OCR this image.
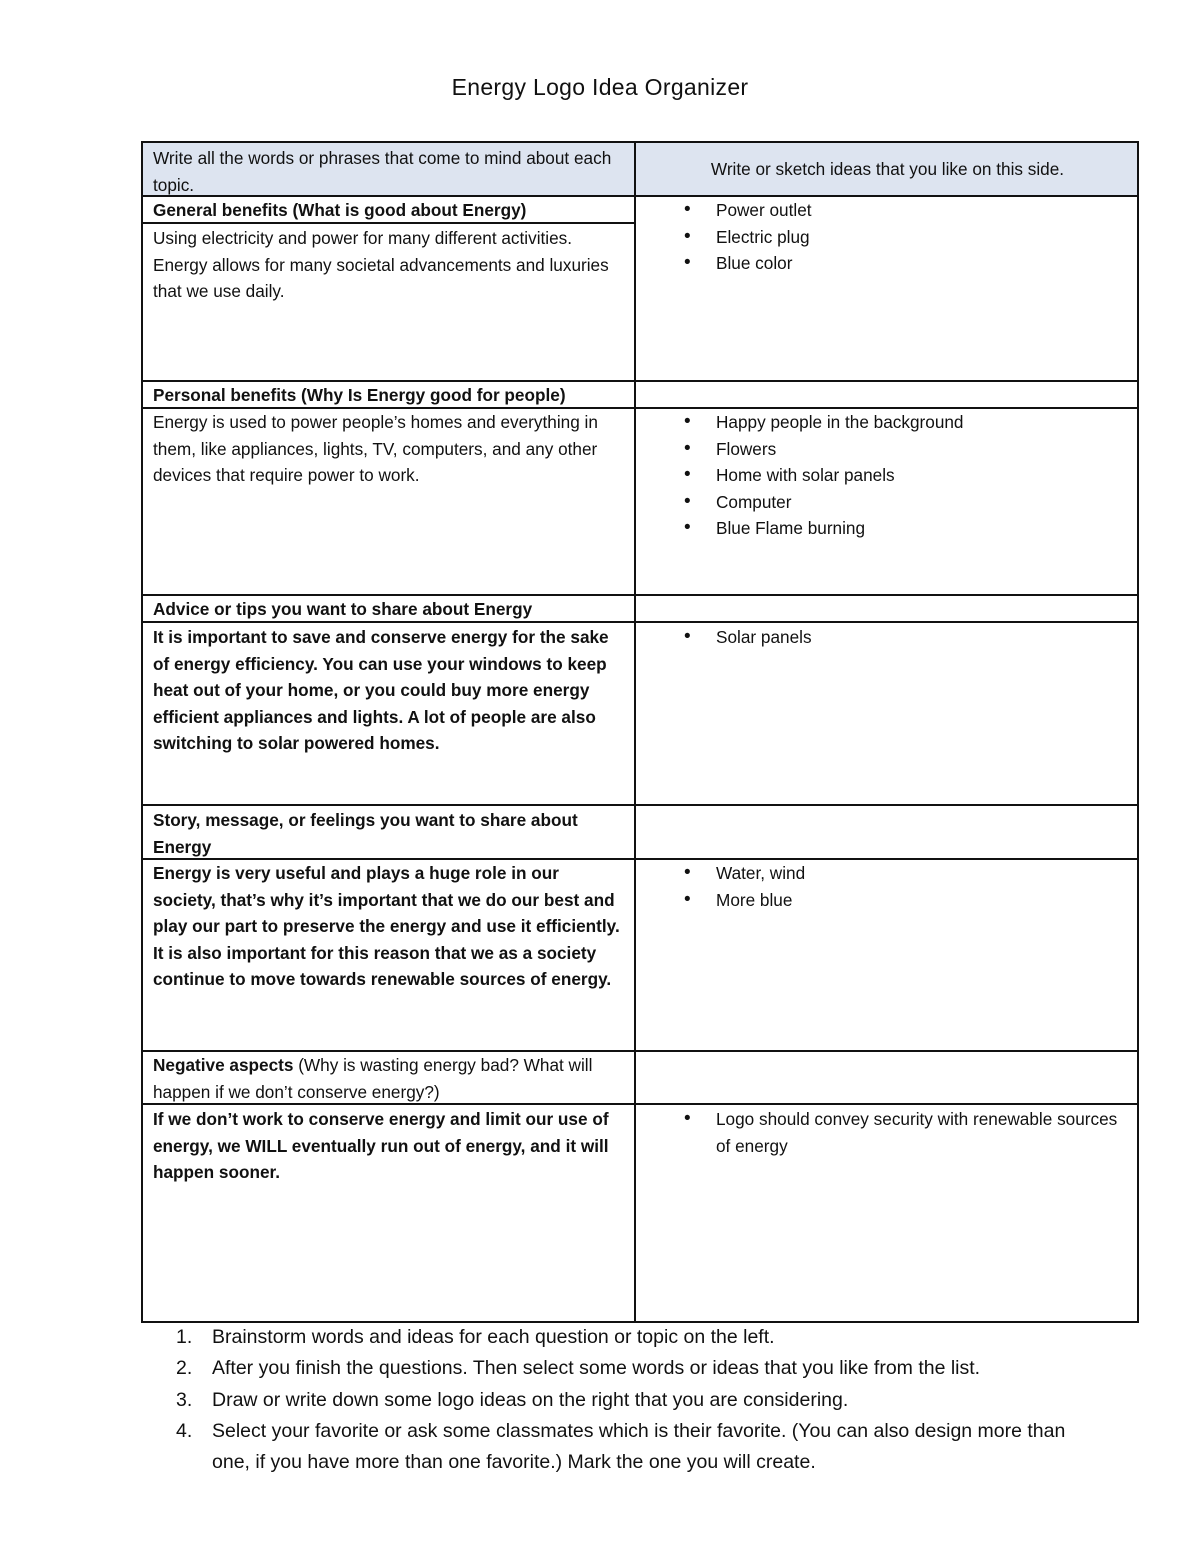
Energy Logo Idea Organizer
Write all the words or phrases that come to mind about each topic.
Write or sketch ideas that you like on this side.
General benefits (What is good about Energy)
Using electricity and power for many different activities. Energy allows for many societal advancements and luxuries that we use daily.
• Power outlet
• Electric plug
• Blue color
Personal benefits (Why Is Energy good for people)
Energy is used to power people’s homes and everything in them, like appliances, lights, TV, computers, and any other devices that require power to work.
• Happy people in the background
• Flowers
• Home with solar panels
• Computer
• Blue Flame burning
Advice or tips you want to share about Energy
It is important to save and conserve energy for the sake of energy efficiency. You can use your windows to keep heat out of your home, or you could buy more energy efficient appliances and lights. A lot of people are also switching to solar powered homes.
• Solar panels
Story, message, or feelings you want to share about Energy
Energy is very useful and plays a huge role in our society, that’s why it’s important that we do our best and play our part to preserve the energy and use it efficiently. It is also important for this reason that we as a society continue to move towards renewable sources of energy.
• Water, wind
• More blue
Negative aspects (Why is wasting energy bad? What will happen if we don’t conserve energy?)
If we don’t work to conserve energy and limit our use of energy, we WILL eventually run out of energy, and it will happen sooner.
• Logo should convey security with renewable sources of energy
1. Brainstorm words and ideas for each question or topic on the left.
2. After you finish the questions. Then select some words or ideas that you like from the list.
3. Draw or write down some logo ideas on the right that you are considering.
4. Select your favorite or ask some classmates which is their favorite. (You can also design more than one, if you have more than one favorite.) Mark the one you will create.
